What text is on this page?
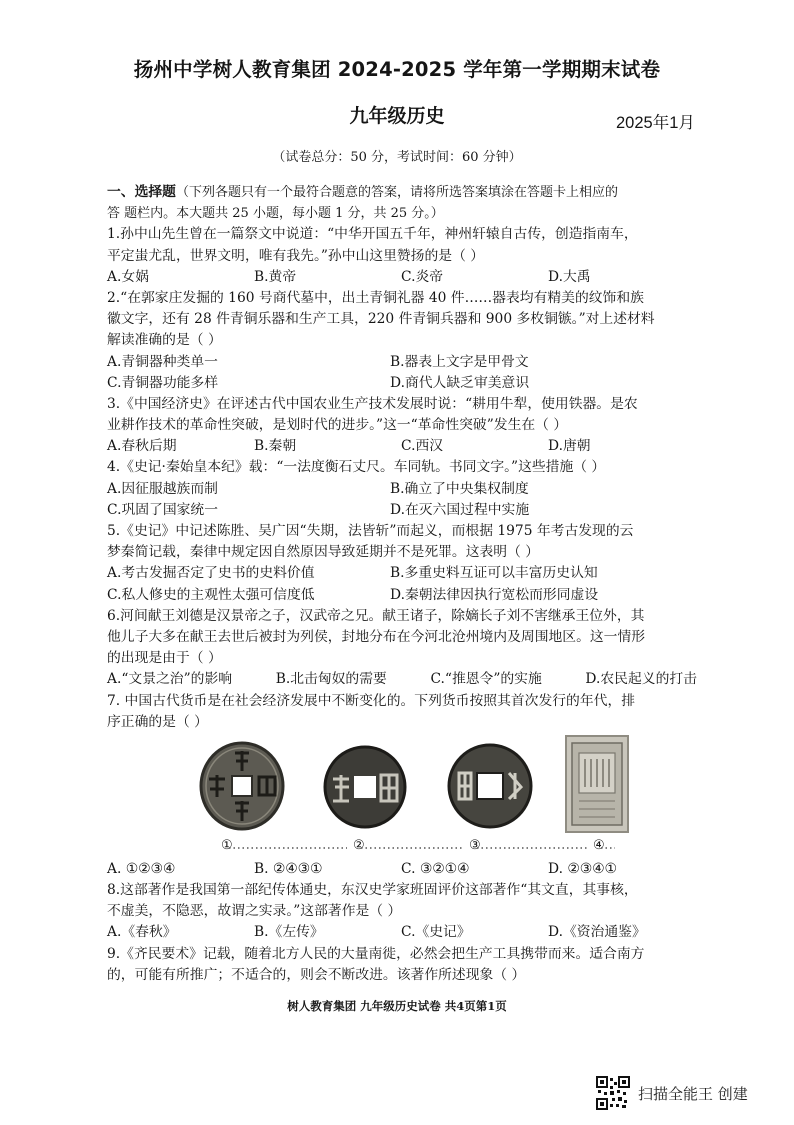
扬州中学树人教育集团 2024-2025 学年第一学期期末试卷
九年级历史	2025年1月
（试卷总分：50 分，考试时间：60 分钟）
一、选择题（下列各题只有一个最符合题意的答案，请将所选答案填涂在答题卡上相应的
答 题栏内。本大题共 25 小题，每小题 1 分，共 25 分。）
1.孙中山先生曾在一篇祭文中说道：“中华开国五千年，神州轩辕自古传，创造指南车，
平定蚩尤乱，世界文明，唯有我先。”孙中山这里赞扬的是（ ）
A.女娲	B.黄帝	C.炎帝	D.大禹
2.“在郭家庄发掘的 160 号商代墓中，出土青铜礼器 40 件……器表均有精美的纹饰和族
徽文字，还有 28 件青铜乐器和生产工具，220 件青铜兵器和 900 多枚铜镞。”对上述材料
解读准确的是（ ）
A.青铜器种类单一	B.器表上文字是甲骨文
C.青铜器功能多样	D.商代人缺乏审美意识
3.《中国经济史》在评述古代中国农业生产技术发展时说：“耕用牛犁，使用铁器。是农
业耕作技术的革命性突破，是划时代的进步。”这一“革命性突破”发生在（ ）
A.春秋后期	B.秦朝	C.西汉	D.唐朝
4.《史记·秦始皇本纪》载：“一法度衡石丈尺。车同轨。书同文字。”这些措施（ ）
A.因征服越族而制	B.确立了中央集权制度
C.巩固了国家统一	D.在灭六国过程中实施
5.《史记》中记述陈胜、吴广因“失期，法皆斩”而起义，而根据 1975 年考古发现的云
梦秦简记载，秦律中规定因自然原因导致延期并不是死罪。这表明（ ）
A.考古发掘否定了史书的史料价值	B.多重史料互证可以丰富历史认知
C.私人修史的主观性太强可信度低	D.秦朝法律因执行宽松而形同虚设
6.河间献王刘德是汉景帝之子，汉武帝之兄。献王诸子，除嫡长子刘不害继承王位外，其
他儿子大多在献王去世后被封为列侯，封地分布在今河北沧州境内及周围地区。这一情形
的出现是由于（ ）
A.“文景之治”的影响	B.北击匈奴的需要	C.“推恩令”的实施	D.农民起义的打击
7. 中国古代货币是在社会经济发展中不断变化的。下列货币按照其首次发行的年代，排
序正确的是（ ）
①	②	③	④
A. ①②③④	B. ②④③①	C. ③②①④	D. ②③④①
8.这部著作是我国第一部纪传体通史，东汉史学家班固评价这部著作“其文直，其事核，
不虚美，不隐恶，故谓之实录。”这部著作是（ ）
A.《春秋》	B.《左传》	C.《史记》	D.《资治通鉴》
9.《齐民要术》记载，随着北方人民的大量南徙，必然会把生产工具携带而来。适合南方
的，可能有所推广；不适合的，则会不断改进。该著作所述现象（ ）
树人教育集团 九年级历史试卷 共4页第1页
扫描全能王 创建
